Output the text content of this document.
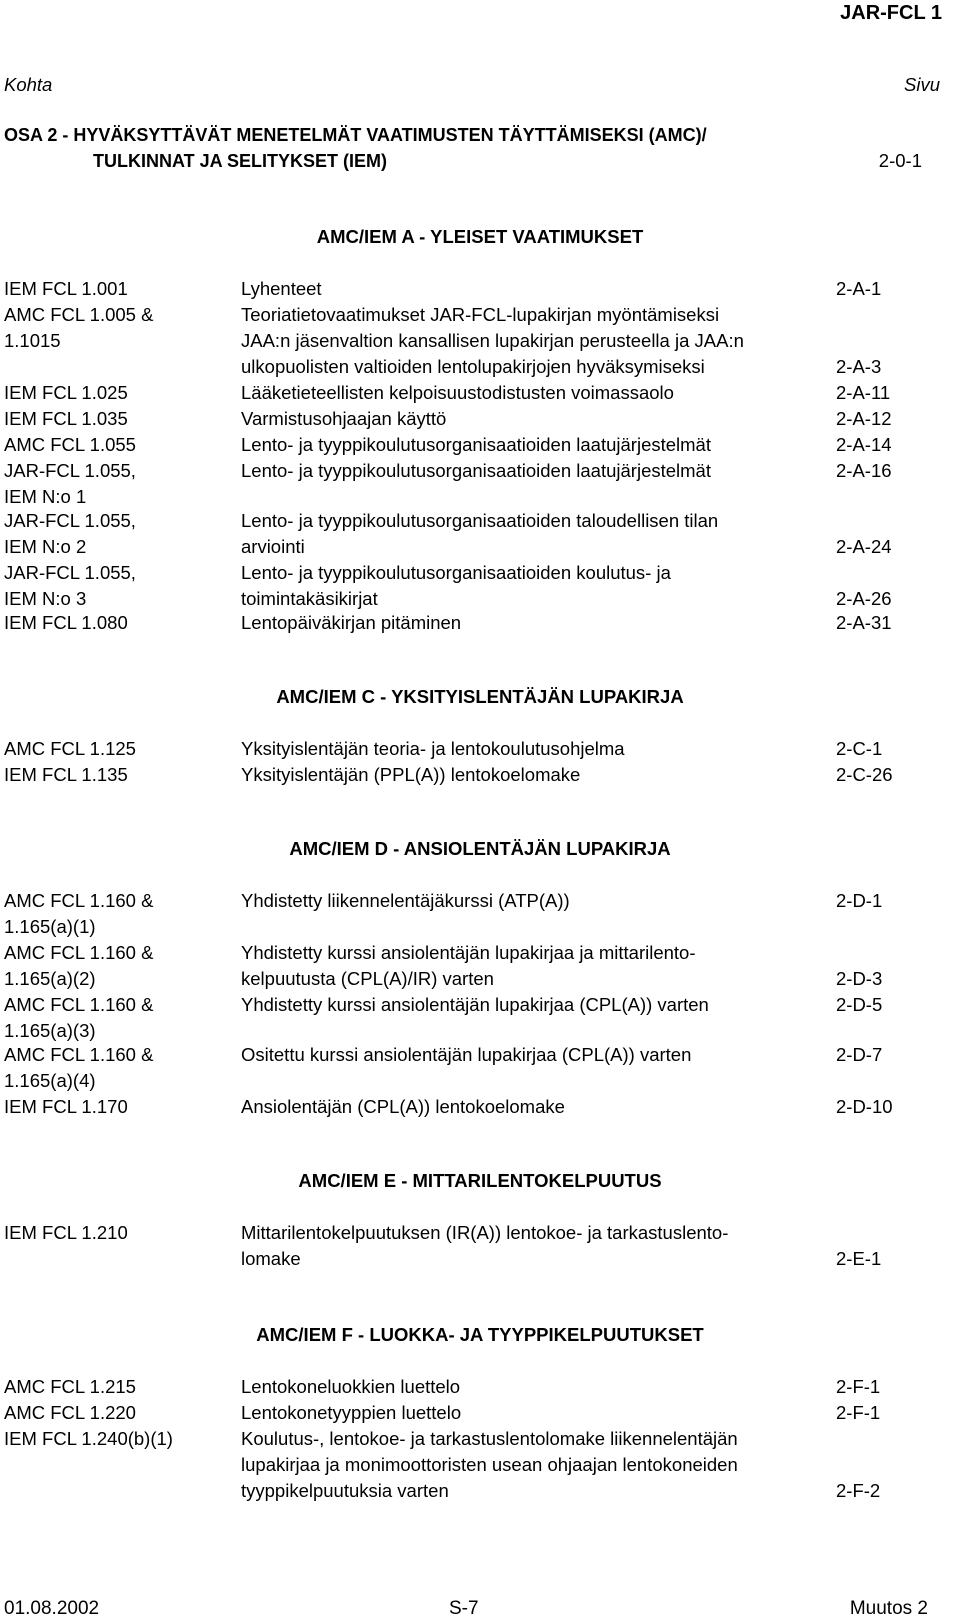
JAR-FCL 1
Kohta	Sivu
OSA 2 - HYVÄKSYTTÄVÄT MENETELMÄT VAATIMUSTEN TÄYTTÄMISEKSI (AMC)/
TULKINNAT JA SELITYKSET (IEM)	2-0-1
AMC/IEM A - YLEISET VAATIMUKSET
IEM FCL 1.001	Lyhenteet	2-A-1
AMC FCL 1.005 &
1.1015
Teoriatietovaatimukset JAR-FCL-lupakirjan myöntämiseksi
JAA:n jäsenvaltion kansallisen lupakirjan perusteella ja JAA:n
ulkopuolisten valtioiden lentolupakirjojen hyväksymiseksi	2-A-3
IEM FCL 1.025	Lääketieteellisten kelpoisuustodistusten voimassaolo	2-A-11
IEM FCL 1.035	Varmistusohjaajan käyttö	2-A-12
AMC FCL 1.055	Lento- ja tyyppikoulutusorganisaatioiden laatujärjestelmät	2-A-14
JAR-FCL 1.055,
IEM N:o 1
Lento- ja tyyppikoulutusorganisaatioiden laatujärjestelmät	2-A-16
JAR-FCL 1.055,
IEM N:o 2
Lento- ja tyyppikoulutusorganisaatioiden taloudellisen tilan
arviointi	2-A-24
JAR-FCL 1.055,
IEM N:o 3
Lento- ja tyyppikoulutusorganisaatioiden koulutus- ja
toimintakäsikirjat	2-A-26
IEM FCL 1.080	Lentopäiväkirjan pitäminen	2-A-31
AMC/IEM C - YKSITYISLENTÄJÄN LUPAKIRJA
AMC FCL 1.125	Yksityislentäjän teoria- ja lentokoulutusohjelma	2-C-1
IEM FCL 1.135	Yksityislentäjän (PPL(A)) lentokoelomake	2-C-26
AMC/IEM D - ANSIOLENTÄJÄN LUPAKIRJA
AMC FCL 1.160 &
1.165(a)(1)
Yhdistetty liikennelentäjäkurssi (ATP(A))	2-D-1
AMC FCL 1.160 &
1.165(a)(2)
Yhdistetty kurssi ansiolentäjän lupakirjaa ja mittarilento-
kelpuutusta (CPL(A)/IR) varten	2-D-3
AMC FCL 1.160 &
1.165(a)(3)
Yhdistetty kurssi ansiolentäjän lupakirjaa (CPL(A)) varten	2-D-5
AMC FCL 1.160 &
1.165(a)(4)
Ositettu kurssi ansiolentäjän lupakirjaa (CPL(A)) varten	2-D-7
IEM FCL 1.170	Ansiolentäjän (CPL(A)) lentokoelomake	2-D-10
AMC/IEM E - MITTARILENTOKELPUUTUS
IEM FCL 1.210	Mittarilentokelpuutuksen (IR(A)) lentokoe- ja tarkastuslento-
lomake	2-E-1
AMC/IEM F - LUOKKA- JA TYYPPIKELPUUTUKSET
AMC FCL 1.215	Lentokoneluokkien luettelo	2-F-1
AMC FCL 1.220	Lentokonetyyppien luettelo	2-F-1
IEM FCL 1.240(b)(1)	Koulutus-, lentokoe- ja tarkastuslentolomake liikennelentäjän
lupakirjaa ja monimoottoristen usean ohjaajan lentokoneiden
tyyppikelpuutuksia varten	2-F-2
01.08.2002	S-7	Muutos 2
